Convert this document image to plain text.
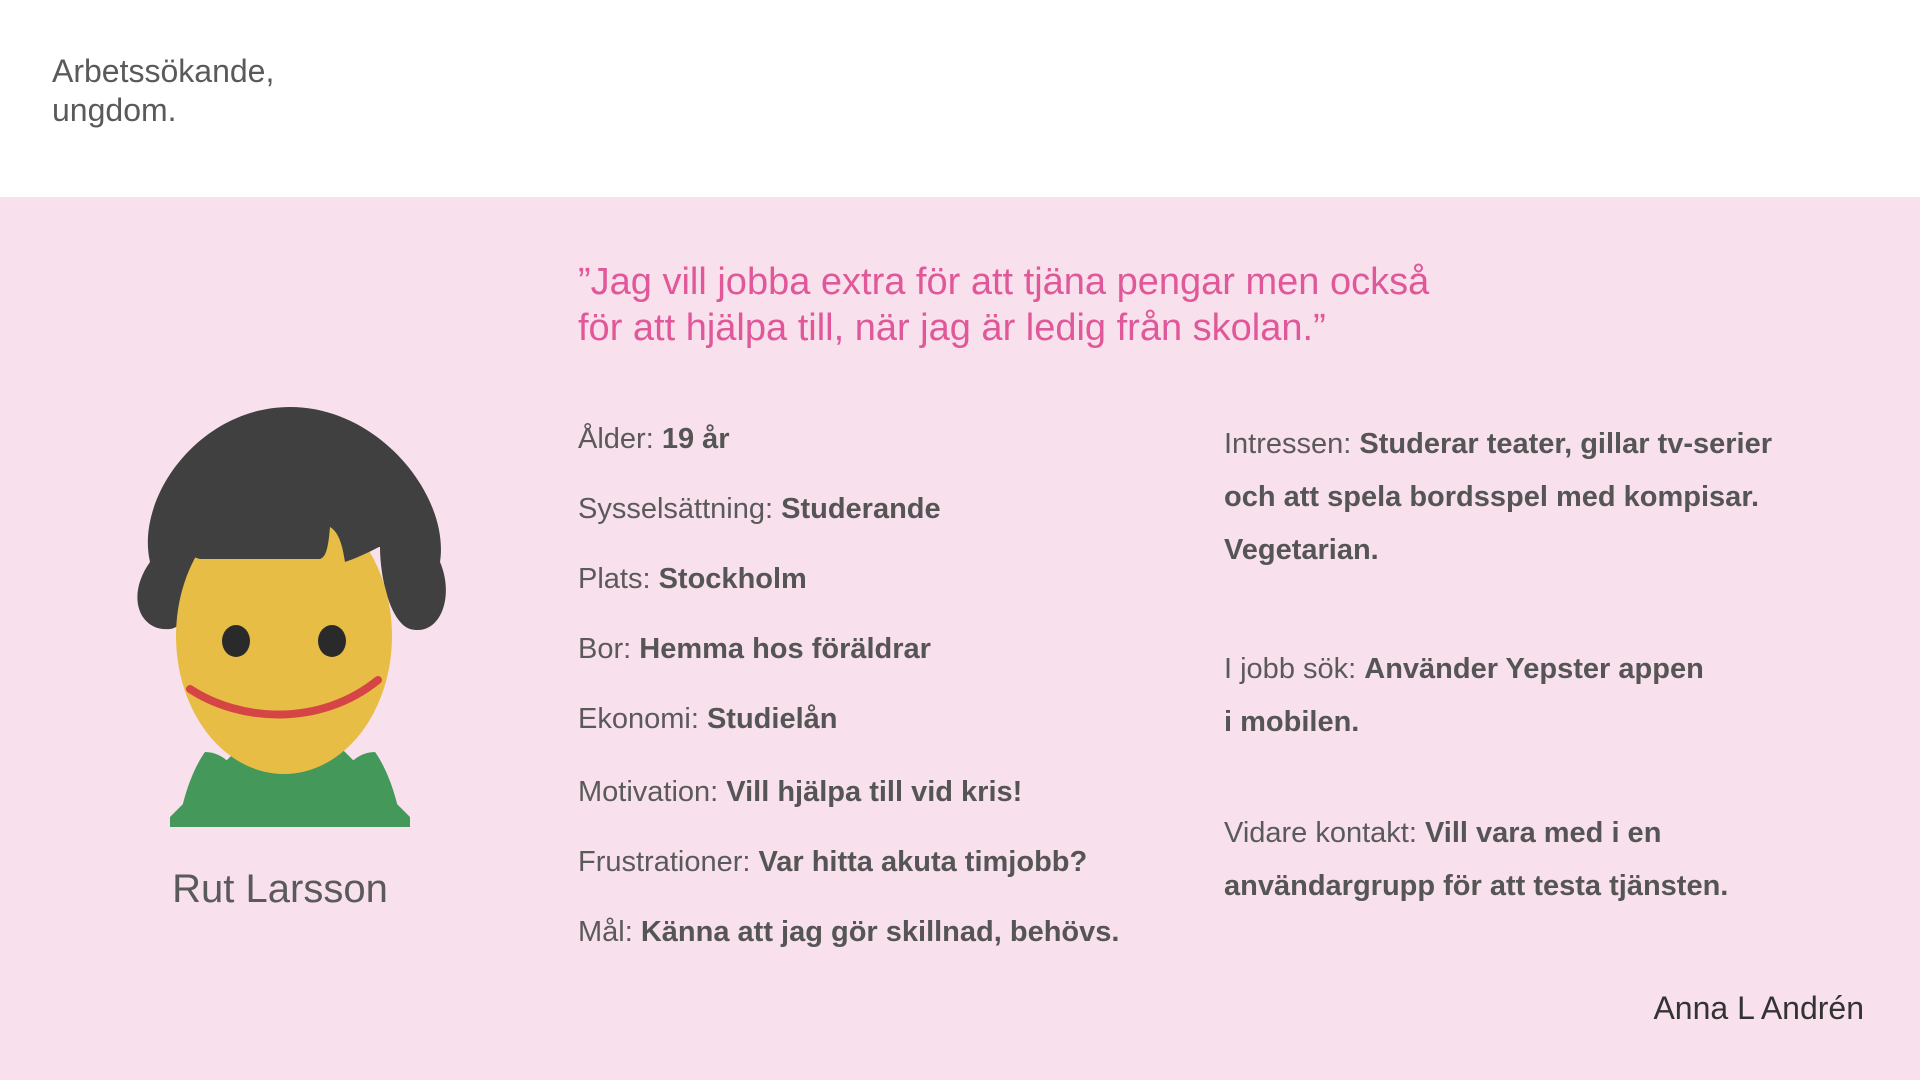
Arbetssökande,
ungdom.
Rut Larsson
”Jag vill jobba extra för att tjäna pengar men också
för att hjälpa till, när jag är ledig från skolan.”
Ålder: 19 år
Sysselsättning: Studerande
Plats: Stockholm
Bor: Hemma hos föräldrar
Ekonomi: Studielån
Motivation: Vill hjälpa till vid kris!
Frustrationer: Var hitta akuta timjobb?
Mål: Känna att jag gör skillnad, behövs.
Intressen: Studerar teater, gillar tv-serier
och att spela bordsspel med kompisar.
Vegetarian.
I jobb sök: Använder Yepster appen
i mobilen.
Vidare kontakt: Vill vara med i en
användargrupp för att testa tjänsten.
Anna L Andrén
